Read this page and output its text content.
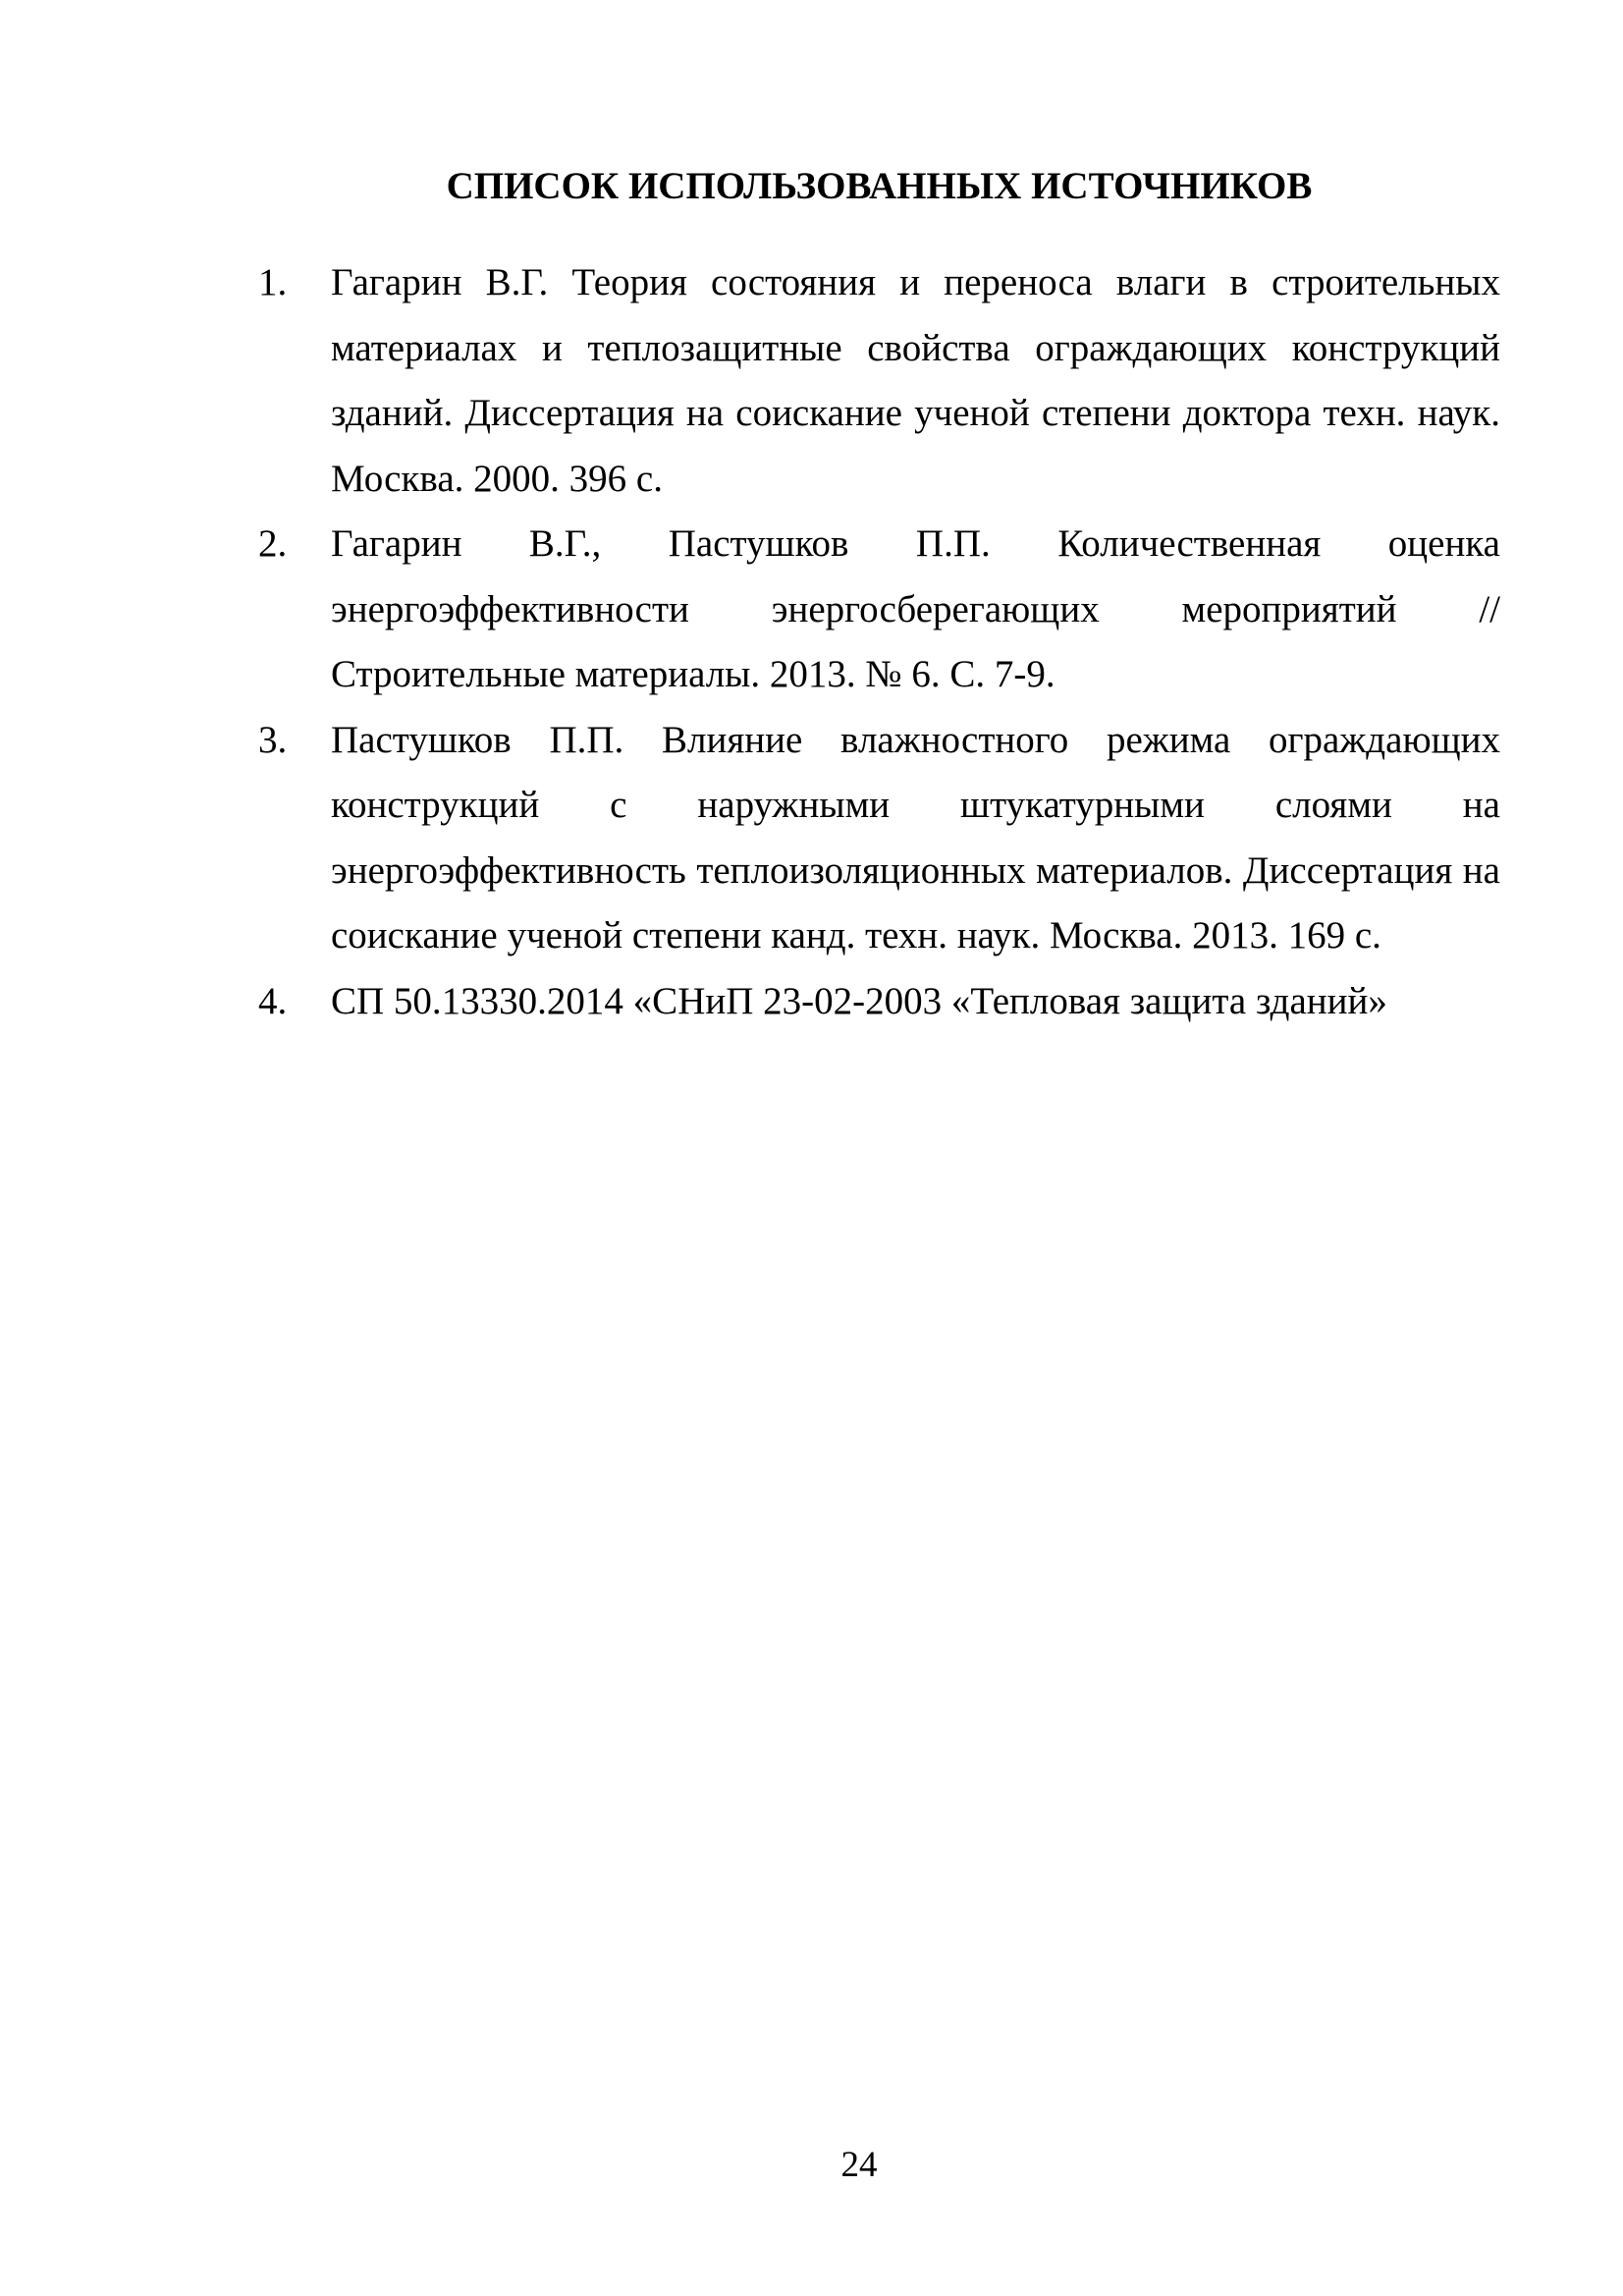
СПИСОК ИСПОЛЬЗОВАННЫХ ИСТОЧНИКОВ
1. Гагарин В.Г. Теория состояния и переноса влаги в строительных материалах и теплозащитные свойства ограждающих конструкций зданий. Диссертация на соискание ученой степени доктора техн. наук. Москва. 2000. 396 с.
2. Гагарин В.Г., Пастушков П.П. Количественная оценка энергоэффективности энергосберегающих мероприятий // Строительные материалы. 2013. № 6. С. 7-9.
3. Пастушков П.П. Влияние влажностного режима ограждающих конструкций с наружными штукатурными слоями на энергоэффективность теплоизоляционных материалов. Диссертация на соискание ученой степени канд. техн. наук. Москва. 2013. 169 с.
4. СП 50.13330.2014 «СНиП 23-02-2003 «Тепловая защита зданий»
24
